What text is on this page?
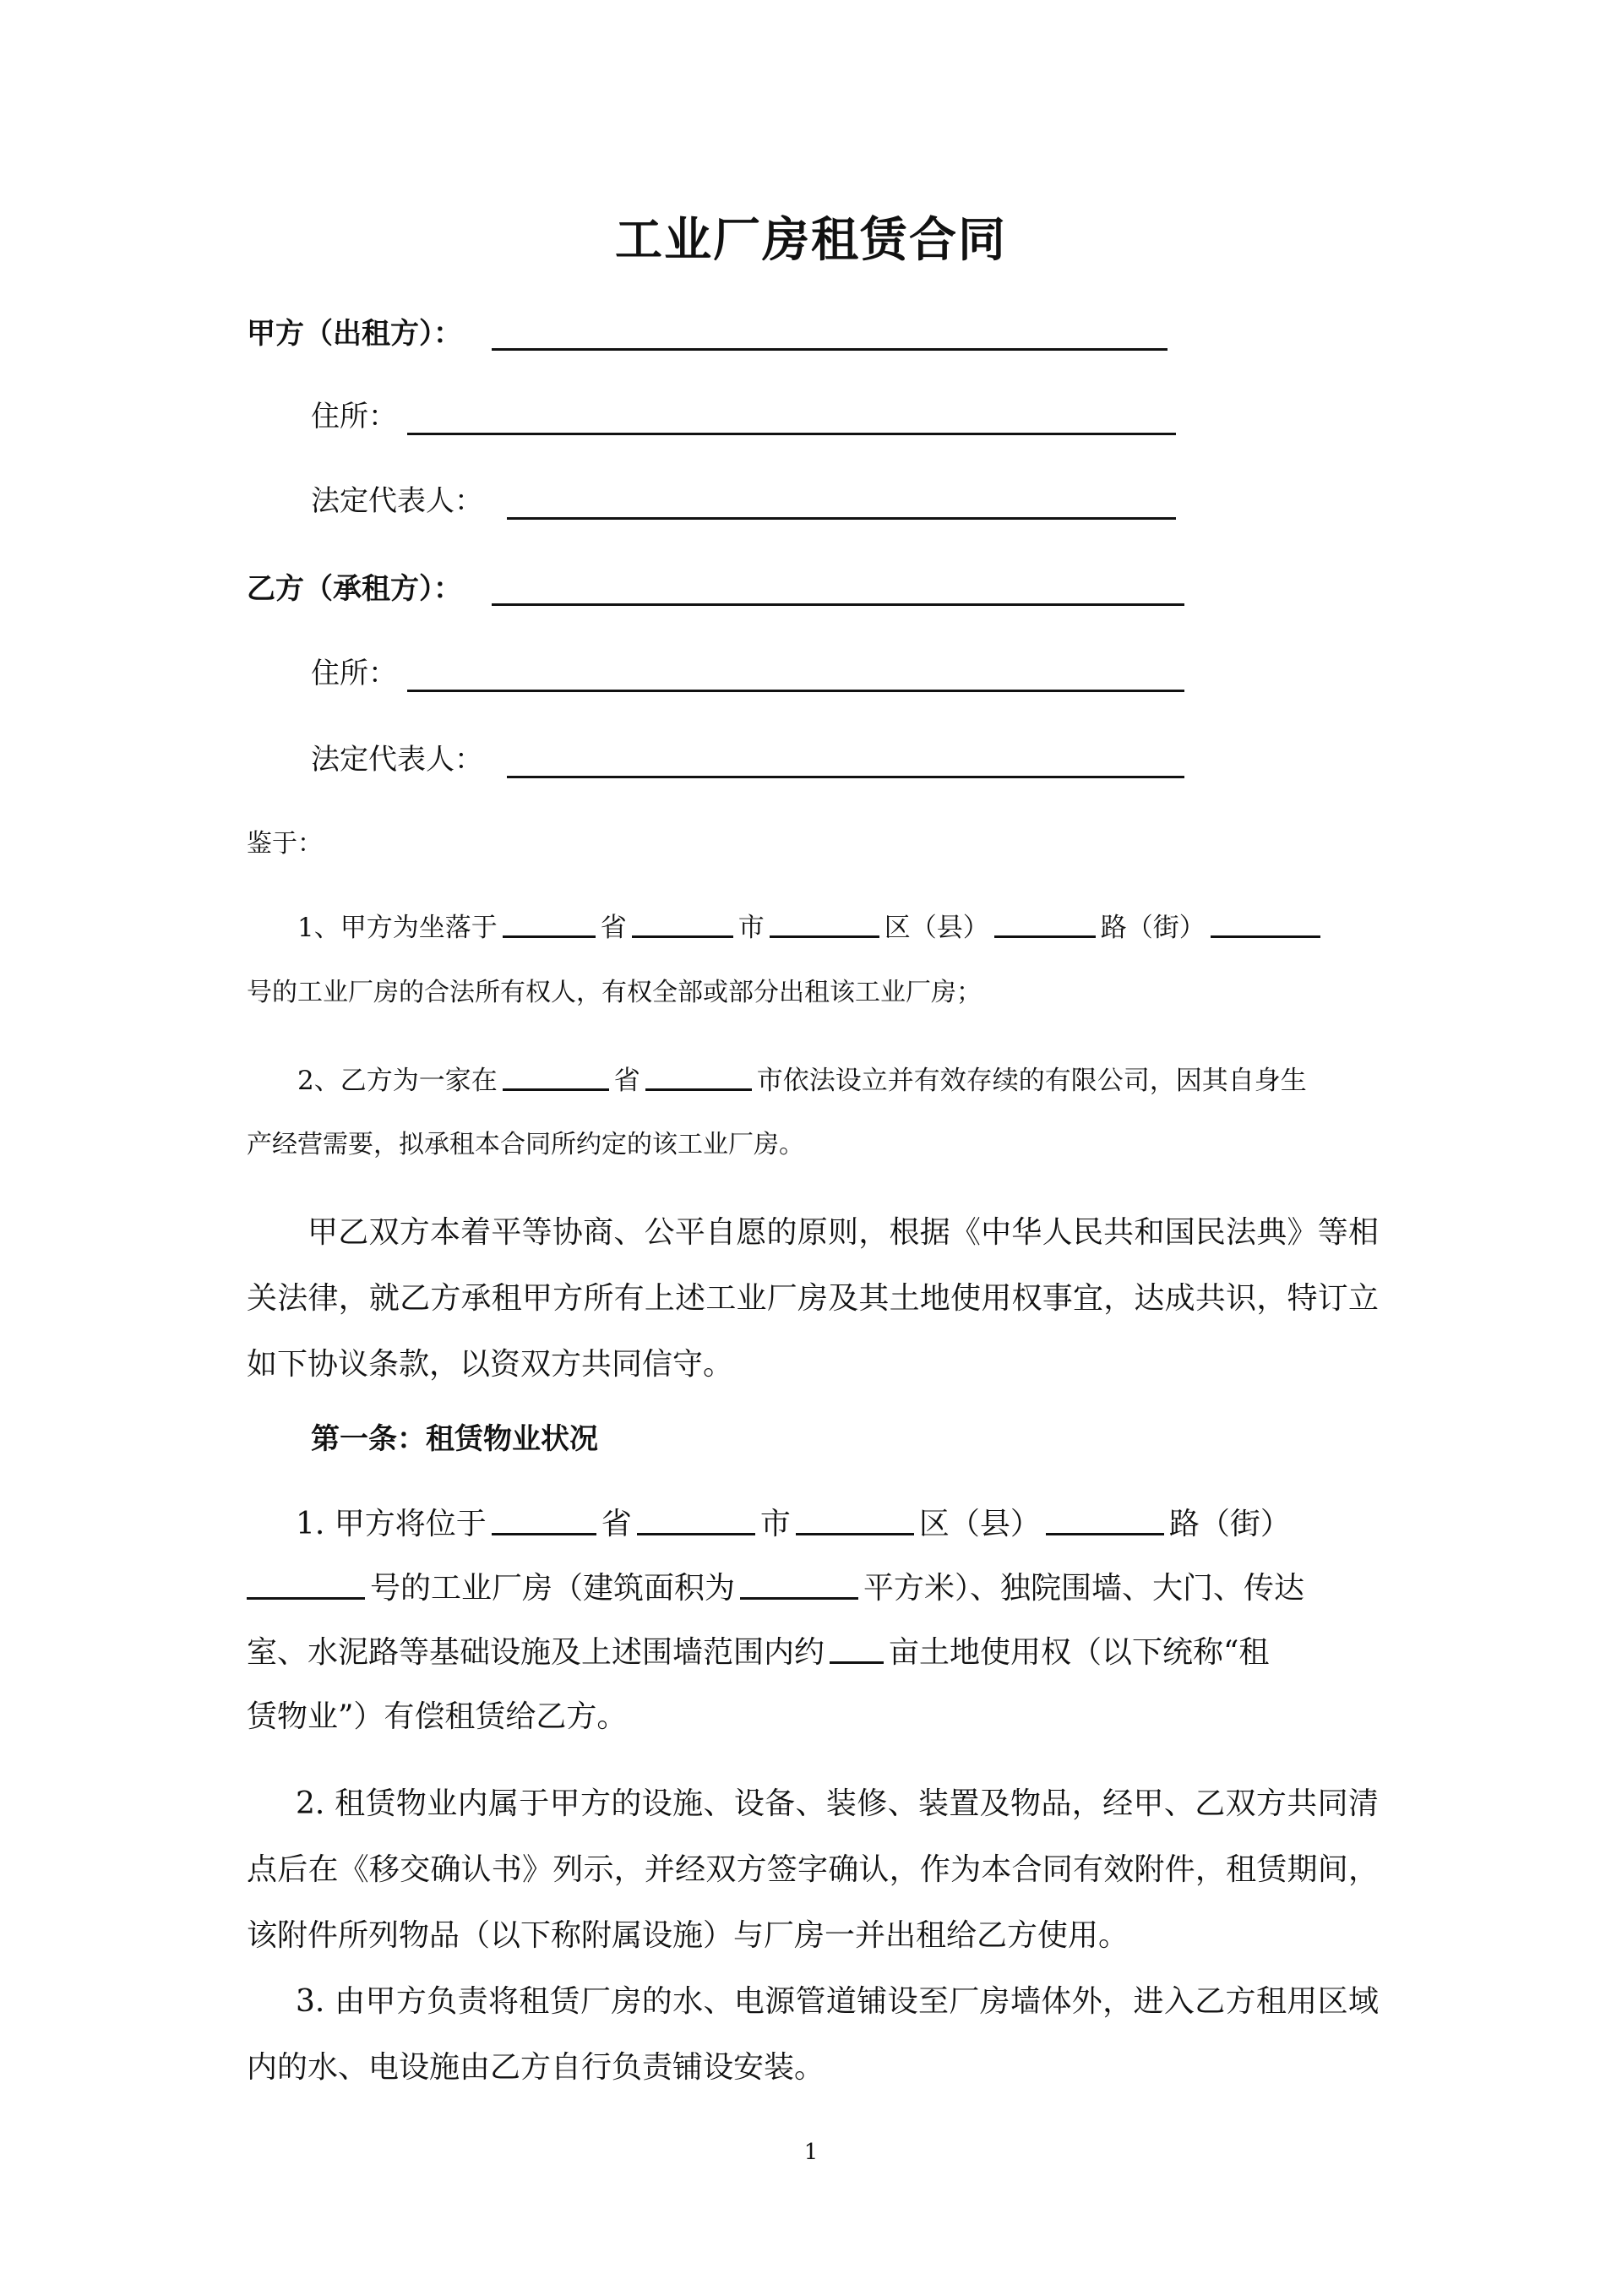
工业厂房租赁合同
甲方（出租方）：
住所：
法定代表人：
乙方（承租方）：
住所：
法定代表人：
鉴于：
1、甲方为坐落于	省	市	区（县）	路（街）
号的工业厂房的合法所有权人，有权全部或部分出租该工业厂房；
2、乙方为一家在	省	市依法设立并有效存续的有限公司，因其自身生
产经营需要，拟承租本合同所约定的该工业厂房。
甲乙双方本着平等协商、公平自愿的原则，根据《中华人民共和国民法典》等相关法律，就乙方承租甲方所有上述工业厂房及其土地使用权事宜，达成共识，特订立如下协议条款，以资双方共同信守。
第一条：租赁物业状况
1. 甲方将位于	省	市	区（县）	路（街）
号的工业厂房（建筑面积为	平方米）、独院围墙、大门、传达
室、水泥路等基础设施及上述围墙范围内约 亩土地使用权（以下统称“租
赁物业”）有偿租赁给乙方。
2. 租赁物业内属于甲方的设施、设备、装修、装置及物品，经甲、乙双方共同清点后在《移交确认书》列示，并经双方签字确认，作为本合同有效附件，租赁期间，该附件所列物品（以下称附属设施）与厂房一并出租给乙方使用。
3. 由甲方负责将租赁厂房的水、电源管道铺设至厂房墙体外，进入乙方租用区域内的水、电设施由乙方自行负责铺设安装。
1
